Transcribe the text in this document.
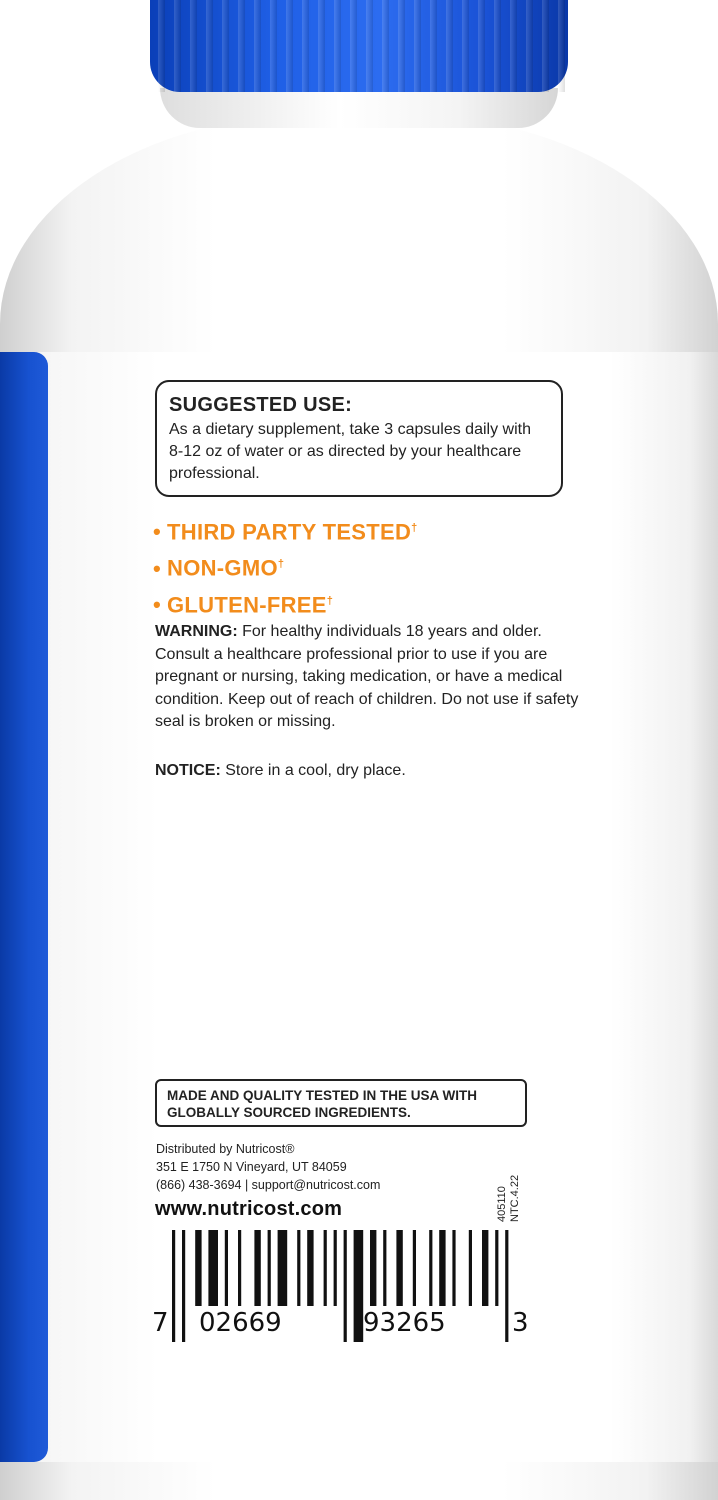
SUGGESTED USE:
As a dietary supplement, take 3 capsules daily with 8-12 oz of water or as directed by your healthcare professional.
• THIRD PARTY TESTED†
• NON-GMO†
• GLUTEN-FREE†
WARNING: For healthy individuals 18 years and older. Consult a healthcare professional prior to use if you are pregnant or nursing, taking medication, or have a medical condition. Keep out of reach of children. Do not use if safety seal is broken or missing.
NOTICE: Store in a cool, dry place.
MADE AND QUALITY TESTED IN THE USA WITH GLOBALLY SOURCED INGREDIENTS.
Distributed by Nutricost®
351 E 1750 N Vineyard, UT 84059
(866) 438-3694 | support@nutricost.com
www.nutricost.com	405110 NTC.4.22
7 02669	93265	3
